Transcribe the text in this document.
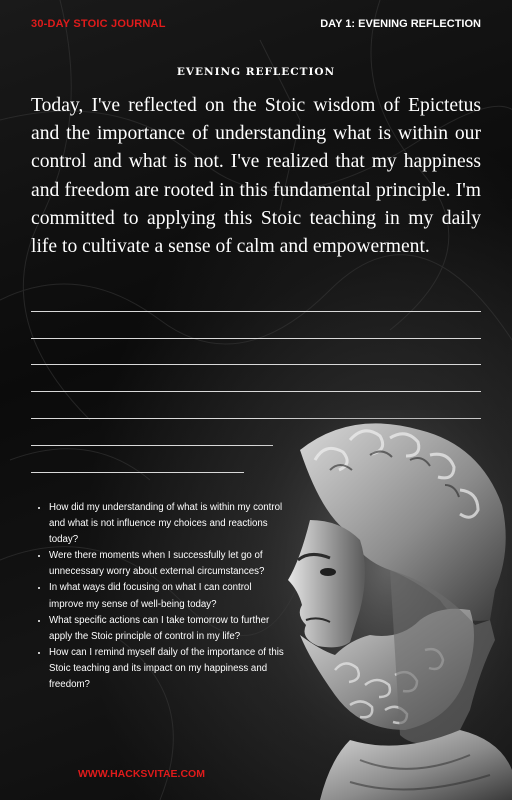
30-DAY STOIC JOURNAL	DAY 1: EVENING REFLECTION
EVENING REFLECTION
Today, I've reflected on the Stoic wisdom of Epictetus and the importance of understanding what is within our control and what is not. I've realized that my happiness and freedom are rooted in this fundamental principle. I'm committed to applying this Stoic teaching in my daily life to cultivate a sense of calm and empowerment.
• How did my understanding of what is within my control and what is not influence my choices and reactions today?
• Were there moments when I successfully let go of unnecessary worry about external circumstances?
• In what ways did focusing on what I can control improve my sense of well-being today?
• What specific actions can I take tomorrow to further apply the Stoic principle of control in my life?
• How can I remind myself daily of the importance of this Stoic teaching and its impact on my happiness and freedom?
WWW.HACKSVITAE.COM
